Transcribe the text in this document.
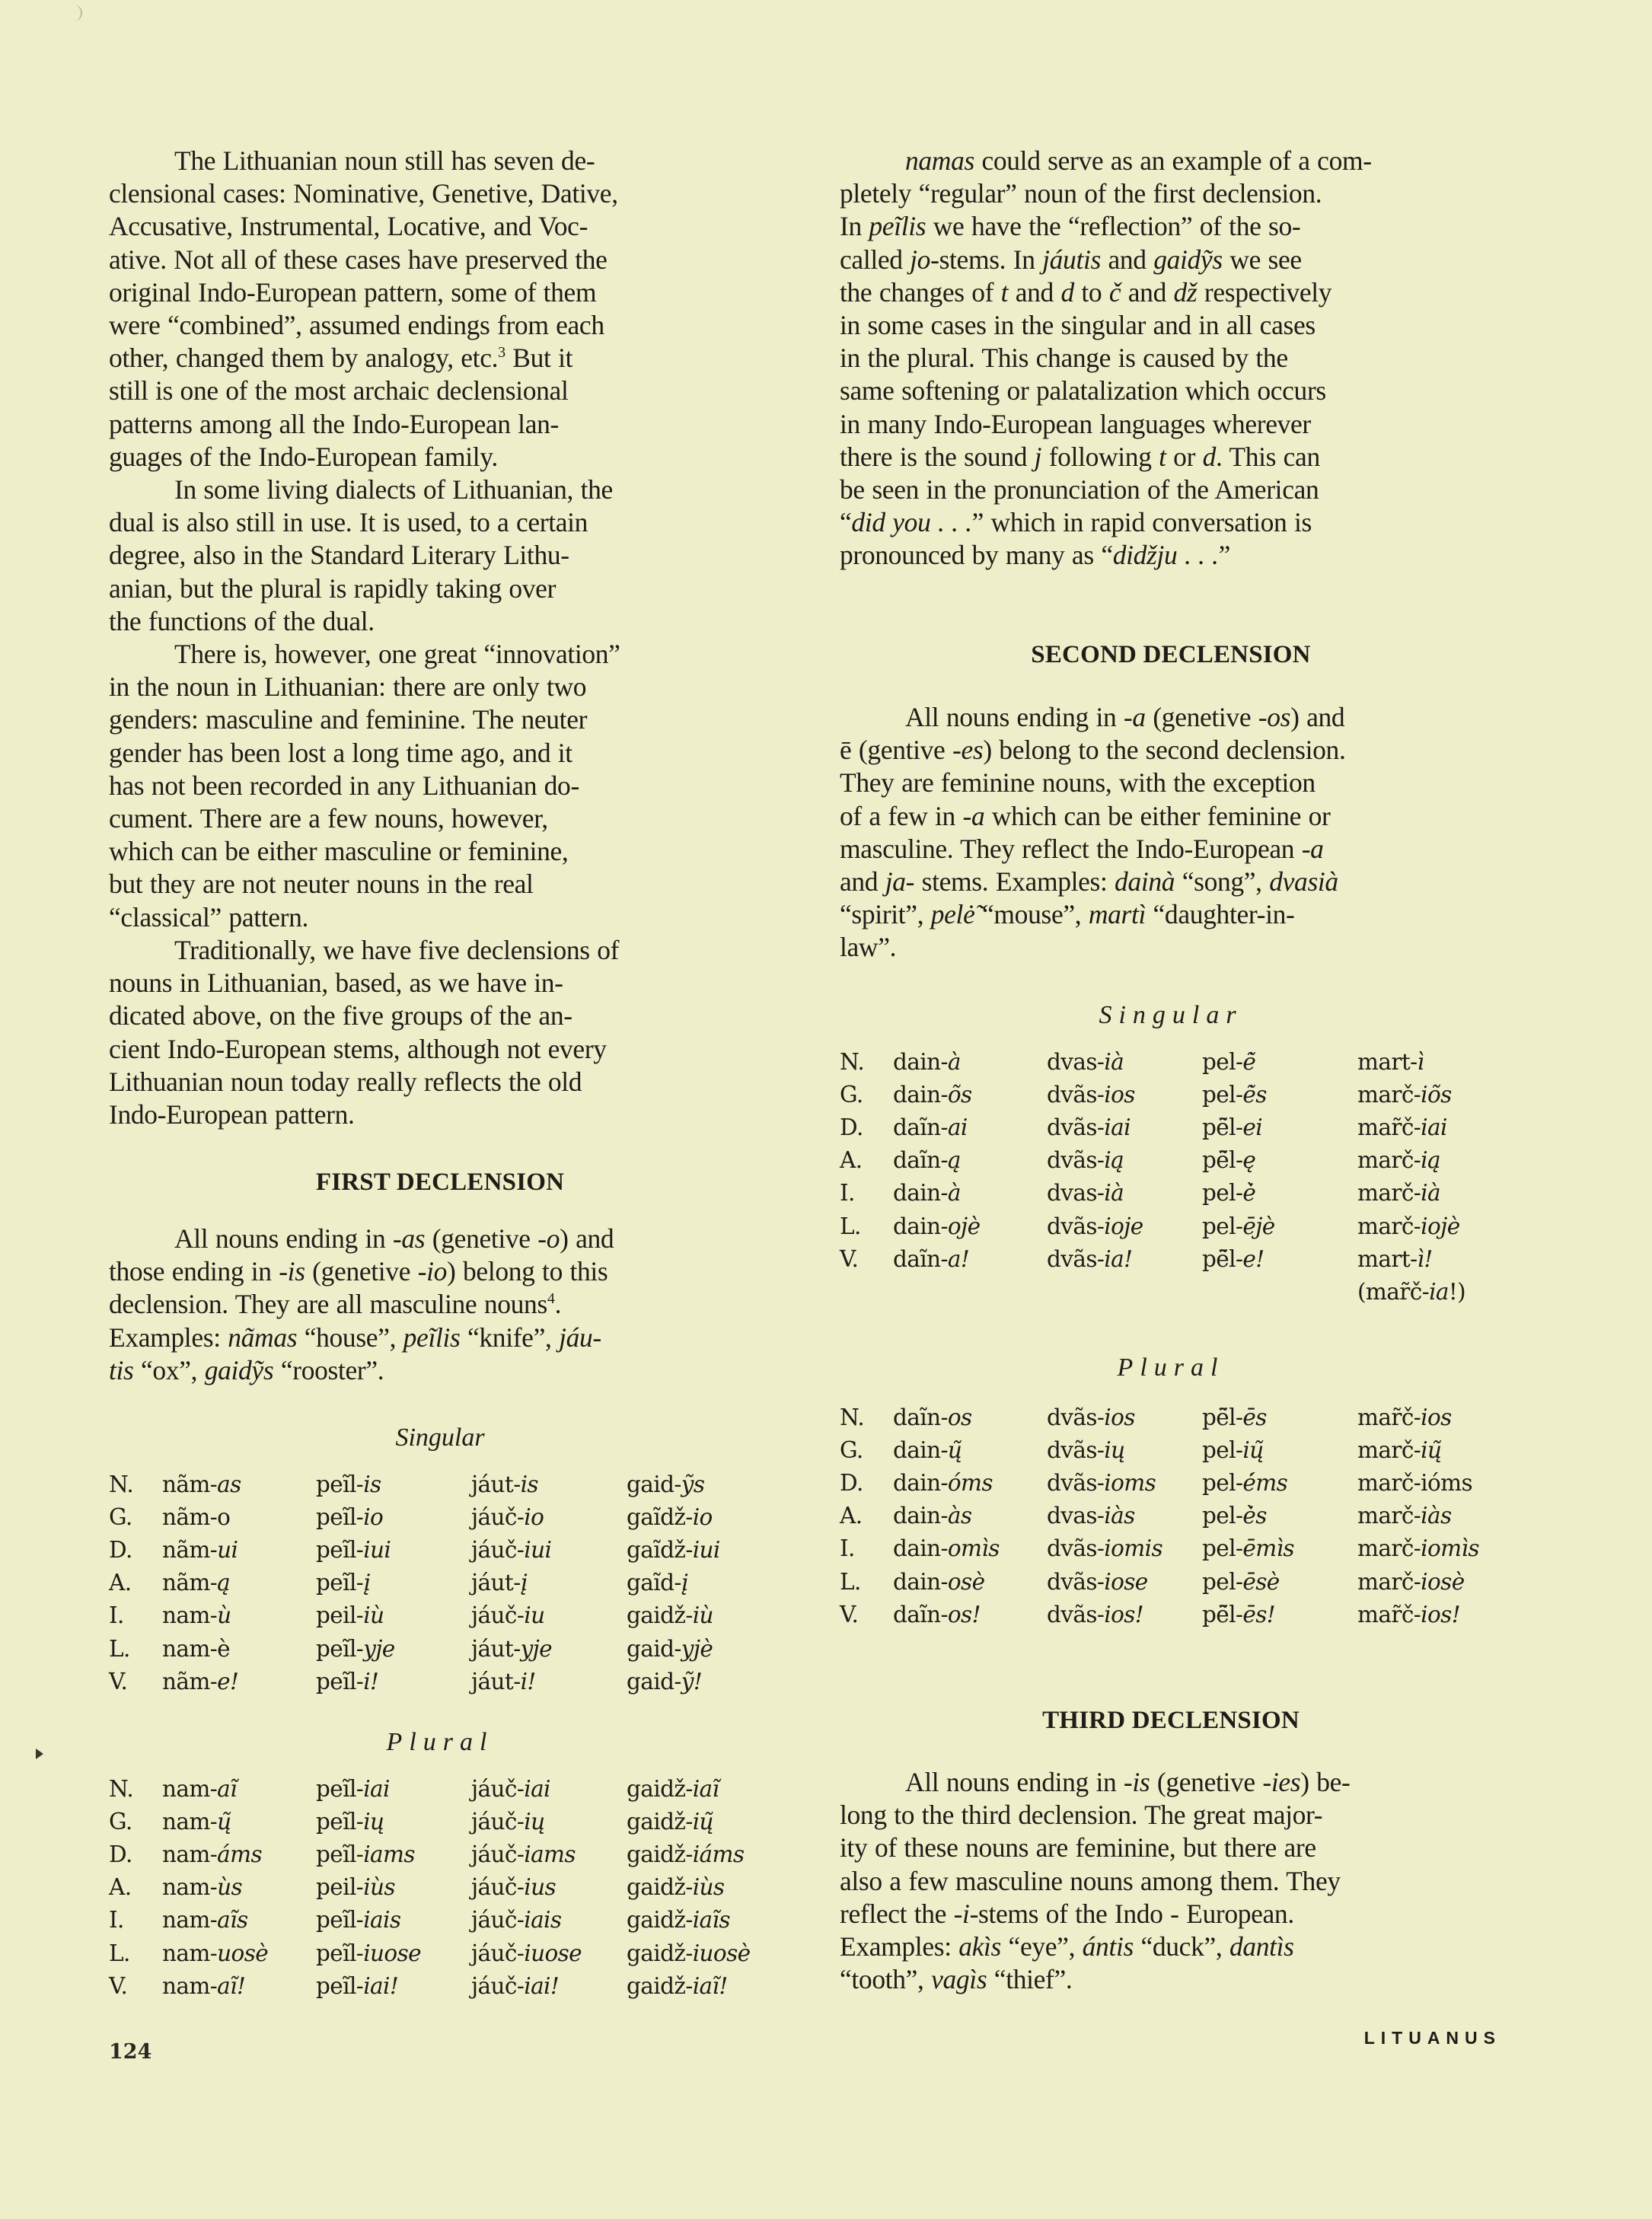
The Lithuanian noun still has seven de-
clensional cases: Nominative, Genetive, Dative,
Accusative, Instrumental, Locative, and Voc-
ative. Not all of these cases have preserved the
original Indo-European pattern, some of them
were “combined”, assumed endings from each
other, changed them by analogy, etc.$^3$ But it
still is one of the most archaic declensional
patterns among all the Indo-European lan-
guages of the Indo-European family.
In some living dialects of Lithuanian, the
dual is also still in use. It is used, to a certain
degree, also in the Standard Literary Lithu-
anian, but the plural is rapidly taking over
the functions of the dual.
There is, however, one great “innovation”
in the noun in Lithuanian: there are only two
genders: masculine and feminine. The neuter
gender has been lost a long time ago, and it
has not been recorded in any Lithuanian do-
cument. There are a few nouns, however,
which can be either masculine or feminine,
but they are not neuter nouns in the real
“classical” pattern.
Traditionally, we have five declensions of
nouns in Lithuanian, based, as we have in-
dicated above, on the five groups of the an-
cient Indo-European stems, although not every
Lithuanian noun today really reflects the old
Indo-European pattern.
FIRST DECLENSION
All nouns ending in -as (genetive -o) and
those ending in -is (genetive -io) belong to this
declension. They are all masculine nouns$^4$.
Examples: nãmas “house”, peĩlis “knife”, jáu-
tis “ox”, gaidỹs “rooster”.
Singular
N.	nãm-as	peĩl-is	jáut-is	gaid-ỹs
G.	nãm-o	peĩl-io	jáuč-io	gaĩdž-io
D.	nãm-ui	peĩl-iui	jáuč-iui	gaĩdž-iui
A.	nãm-ą	peĩl-į	jáut-į	gaĩd-į
I.	nam-ù	peil-iù	jáuč-iu	gaidž-iù
L.	nam-è	peĩl-yje	jáut-yje	gaid-yjè
V.	nãm-e!	peĩl-i!	jáut-i!	gaid-ỹ!
Plural
N.	nam-aĩ	peĩl-iai	jáuč-iai	gaidž-iaĩ
G.	nam-ų̃	peĩl-ių	jáuč-ių	gaidž-ių̃
D.	nam-áms	peĩl-iams	jáuč-iams	gaidž-iáms
A.	nam-ùs	peil-iùs	jáuč-ius	gaidž-iùs
I.	nam-aĩs	peĩl-iais	jáuč-iais	gaidž-iaĩs
L.	nam-uosè	peĩl-iuose	jáuč-iuose	gaidž-iuosè
V.	nam-aĩ!	peĩl-iai!	jáuč-iai!	gaidž-iaĩ!
namas could serve as an example of a com-
pletely “regular” noun of the first declension.
In peĩlis we have the “reflection” of the so-
called jo-stems. In jáutis and gaidỹs we see
the changes of t and d to č and dž respectively
in some cases in the singular and in all cases
in the plural. This change is caused by the
same softening or palatalization which occurs
in many Indo-European languages wherever
there is the sound j following t or d. This can
be seen in the pronunciation of the American
“did you . . .” which in rapid conversation is
pronounced by many as “didžju . . .”
SECOND DECLENSION
All nouns ending in -a (genetive -os) and
ē (gentive -es) belong to the second declension.
They are feminine nouns, with the exception
of a few in -a which can be either feminine or
masculine. They reflect the Indo-European -a
and ja- stems. Examples: dainà “song”, dvasià
“spirit”, pelė̃ “mouse”, martì “daughter-in-
law”.
Singular
N.	dain-à	dvas-ià	pel-ė̃	mart-ì
G.	dain-õs	dvãs-ios	pel-ė̃s	marč-iõs
D.	daĩn-ai	dvãs-iai	pē̃l-ei	mar̃č-iai
A.	daĩn-ą	dvãs-ią	pē̃l-ę	marč-ią
I.	dain-à	dvas-ià	pel-ė̀	marč-ià
L.	dain-ojè	dvãs-ioje	pel-ējè	marč-iojè
V.	daĩn-a!	dvãs-ia!	pē̃l-e!	mart-ì!
				(mar̃č-ia!)
Plural
N.	daĩn-os	dvãs-ios	pē̃l-ēs	mar̃č-ios
G.	dain-ų̃	dvãs-ių	pel-ių̃	marč-ių̃
D.	dain-óms	dvãs-ioms	pel-ė́ms	marč-ióms
A.	dain-às	dvas-iàs	pel-ė̀s	marč-iàs
I.	dain-omìs	dvãs-iomis	pel-ēmìs	marč-iomìs
L.	dain-osè	dvãs-iose	pel-ēsè	marč-iosè
V.	daĩn-os!	dvãs-ios!	pē̃l-ēs!	mar̃č-ios!
THIRD DECLENSION
All nouns ending in -is (genetive -ies) be-
long to the third declension. The great major-
ity of these nouns are feminine, but there are
also a few masculine nouns among them. They
reflect the -i-stems of the Indo - European.
Examples: akìs “eye”, ántis “duck”, dantìs
“tooth”, vagìs “thief”.
124
LITUANUS
